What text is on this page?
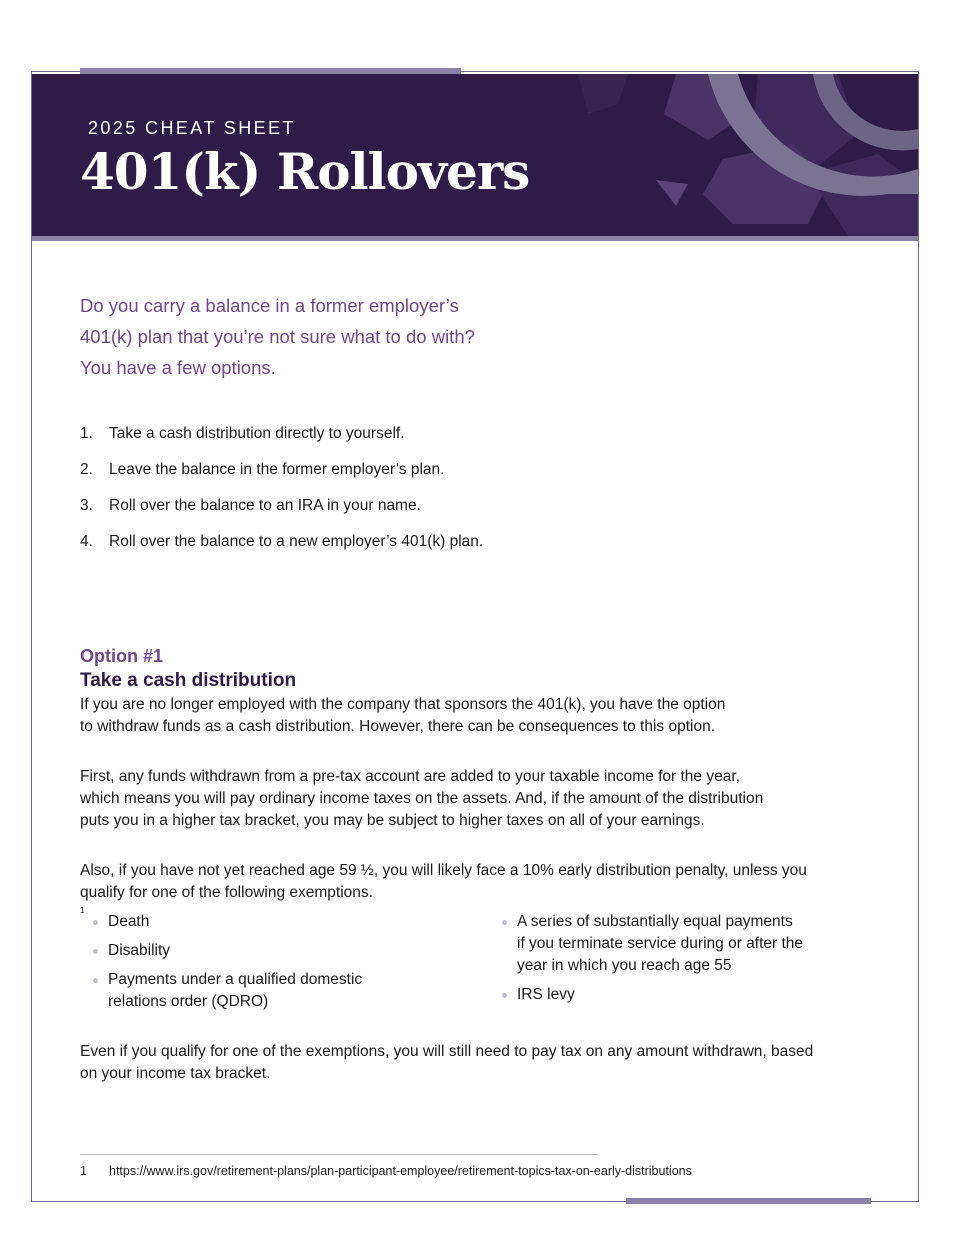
2025 CHEAT SHEET
401(k) Rollovers

Do you carry a balance in a former employer’s
401(k) plan that you’re not sure what to do with?
You have a few options.

1. Take a cash distribution directly to yourself.
2. Leave the balance in the former employer’s plan.
3. Roll over the balance to an IRA in your name.
4. Roll over the balance to a new employer’s 401(k) plan.
Option #1
Take a cash distribution

If you are no longer employed with the company that sponsors the 401(k), you have the option
to withdraw funds as a cash distribution. However, there can be consequences to this option.

First, any funds withdrawn from a pre-tax account are added to your taxable income for the year,
which means you will pay ordinary income taxes on the assets. And, if the amount of the distribution
puts you in a higher tax bracket, you may be subject to higher taxes on all of your earnings.

Also, if you have not yet reached age 59 ½, you will likely face a 10% early distribution penalty, unless you
qualify for one of the following exemptions.
$^1$

Death
Disability
Payments under a qualified domestic
relations order (QDRO)
A series of substantially equal payments
if you terminate service during or after the
year in which you reach age 55
IRS levy

Even if you qualify for one of the exemptions, you will still need to pay tax on any amount withdrawn, based
on your income tax bracket.

1 https://www.irs.gov/retirement-plans/plan-participant-employee/retirement-topics-tax-on-early-distributions
